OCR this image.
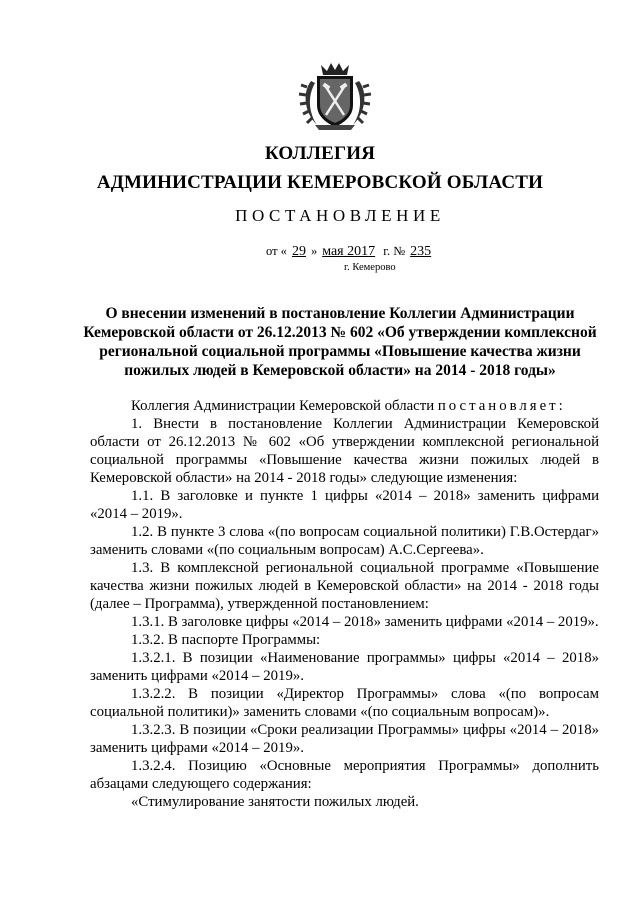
КОЛЛЕГИЯ
АДМИНИСТРАЦИИ КЕМЕРОВСКОЙ ОБЛАСТИ
ПОСТАНОВЛЕНИЕ
от « 29 » мая 2017 г. № 235
г. Кемерово
О внесении изменений в постановление Коллегии Администрации Кемеровской области от 26.12.2013 № 602 «Об утверждении комплексной региональной социальной программы «Повышение качества жизни пожилых людей в Кемеровской области» на 2014 - 2018 годы»

Коллегия Администрации Кемеровской области постановляет:

1. Внести в постановление Коллегии Администрации Кемеровской области от 26.12.2013 № 602 «Об утверждении комплексной региональной социальной программы «Повышение качества жизни пожилых людей в Кемеровской области» на 2014 - 2018 годы» следующие изменения:

1.1. В заголовке и пункте 1 цифры «2014 – 2018» заменить цифрами «2014 – 2019».

1.2. В пункте 3 слова «(по вопросам социальной политики) Г.В.Остердаг» заменить словами «(по социальным вопросам) А.С.Сергеева».

1.3. В комплексной региональной социальной программе «Повышение качества жизни пожилых людей в Кемеровской области» на 2014 - 2018 годы (далее – Программа), утвержденной постановлением:

1.3.1. В заголовке цифры «2014 – 2018» заменить цифрами «2014 – 2019».

1.3.2. В паспорте Программы:

1.3.2.1. В позиции «Наименование программы» цифры «2014 – 2018» заменить цифрами «2014 – 2019».

1.3.2.2. В позиции «Директор Программы» слова «(по вопросам социальной политики)» заменить словами «(по социальным вопросам)».

1.3.2.3. В позиции «Сроки реализации Программы» цифры «2014 – 2018» заменить цифрами «2014 – 2019».

1.3.2.4. Позицию «Основные мероприятия Программы» дополнить абзацами следующего содержания:

«Стимулирование занятости пожилых людей.
